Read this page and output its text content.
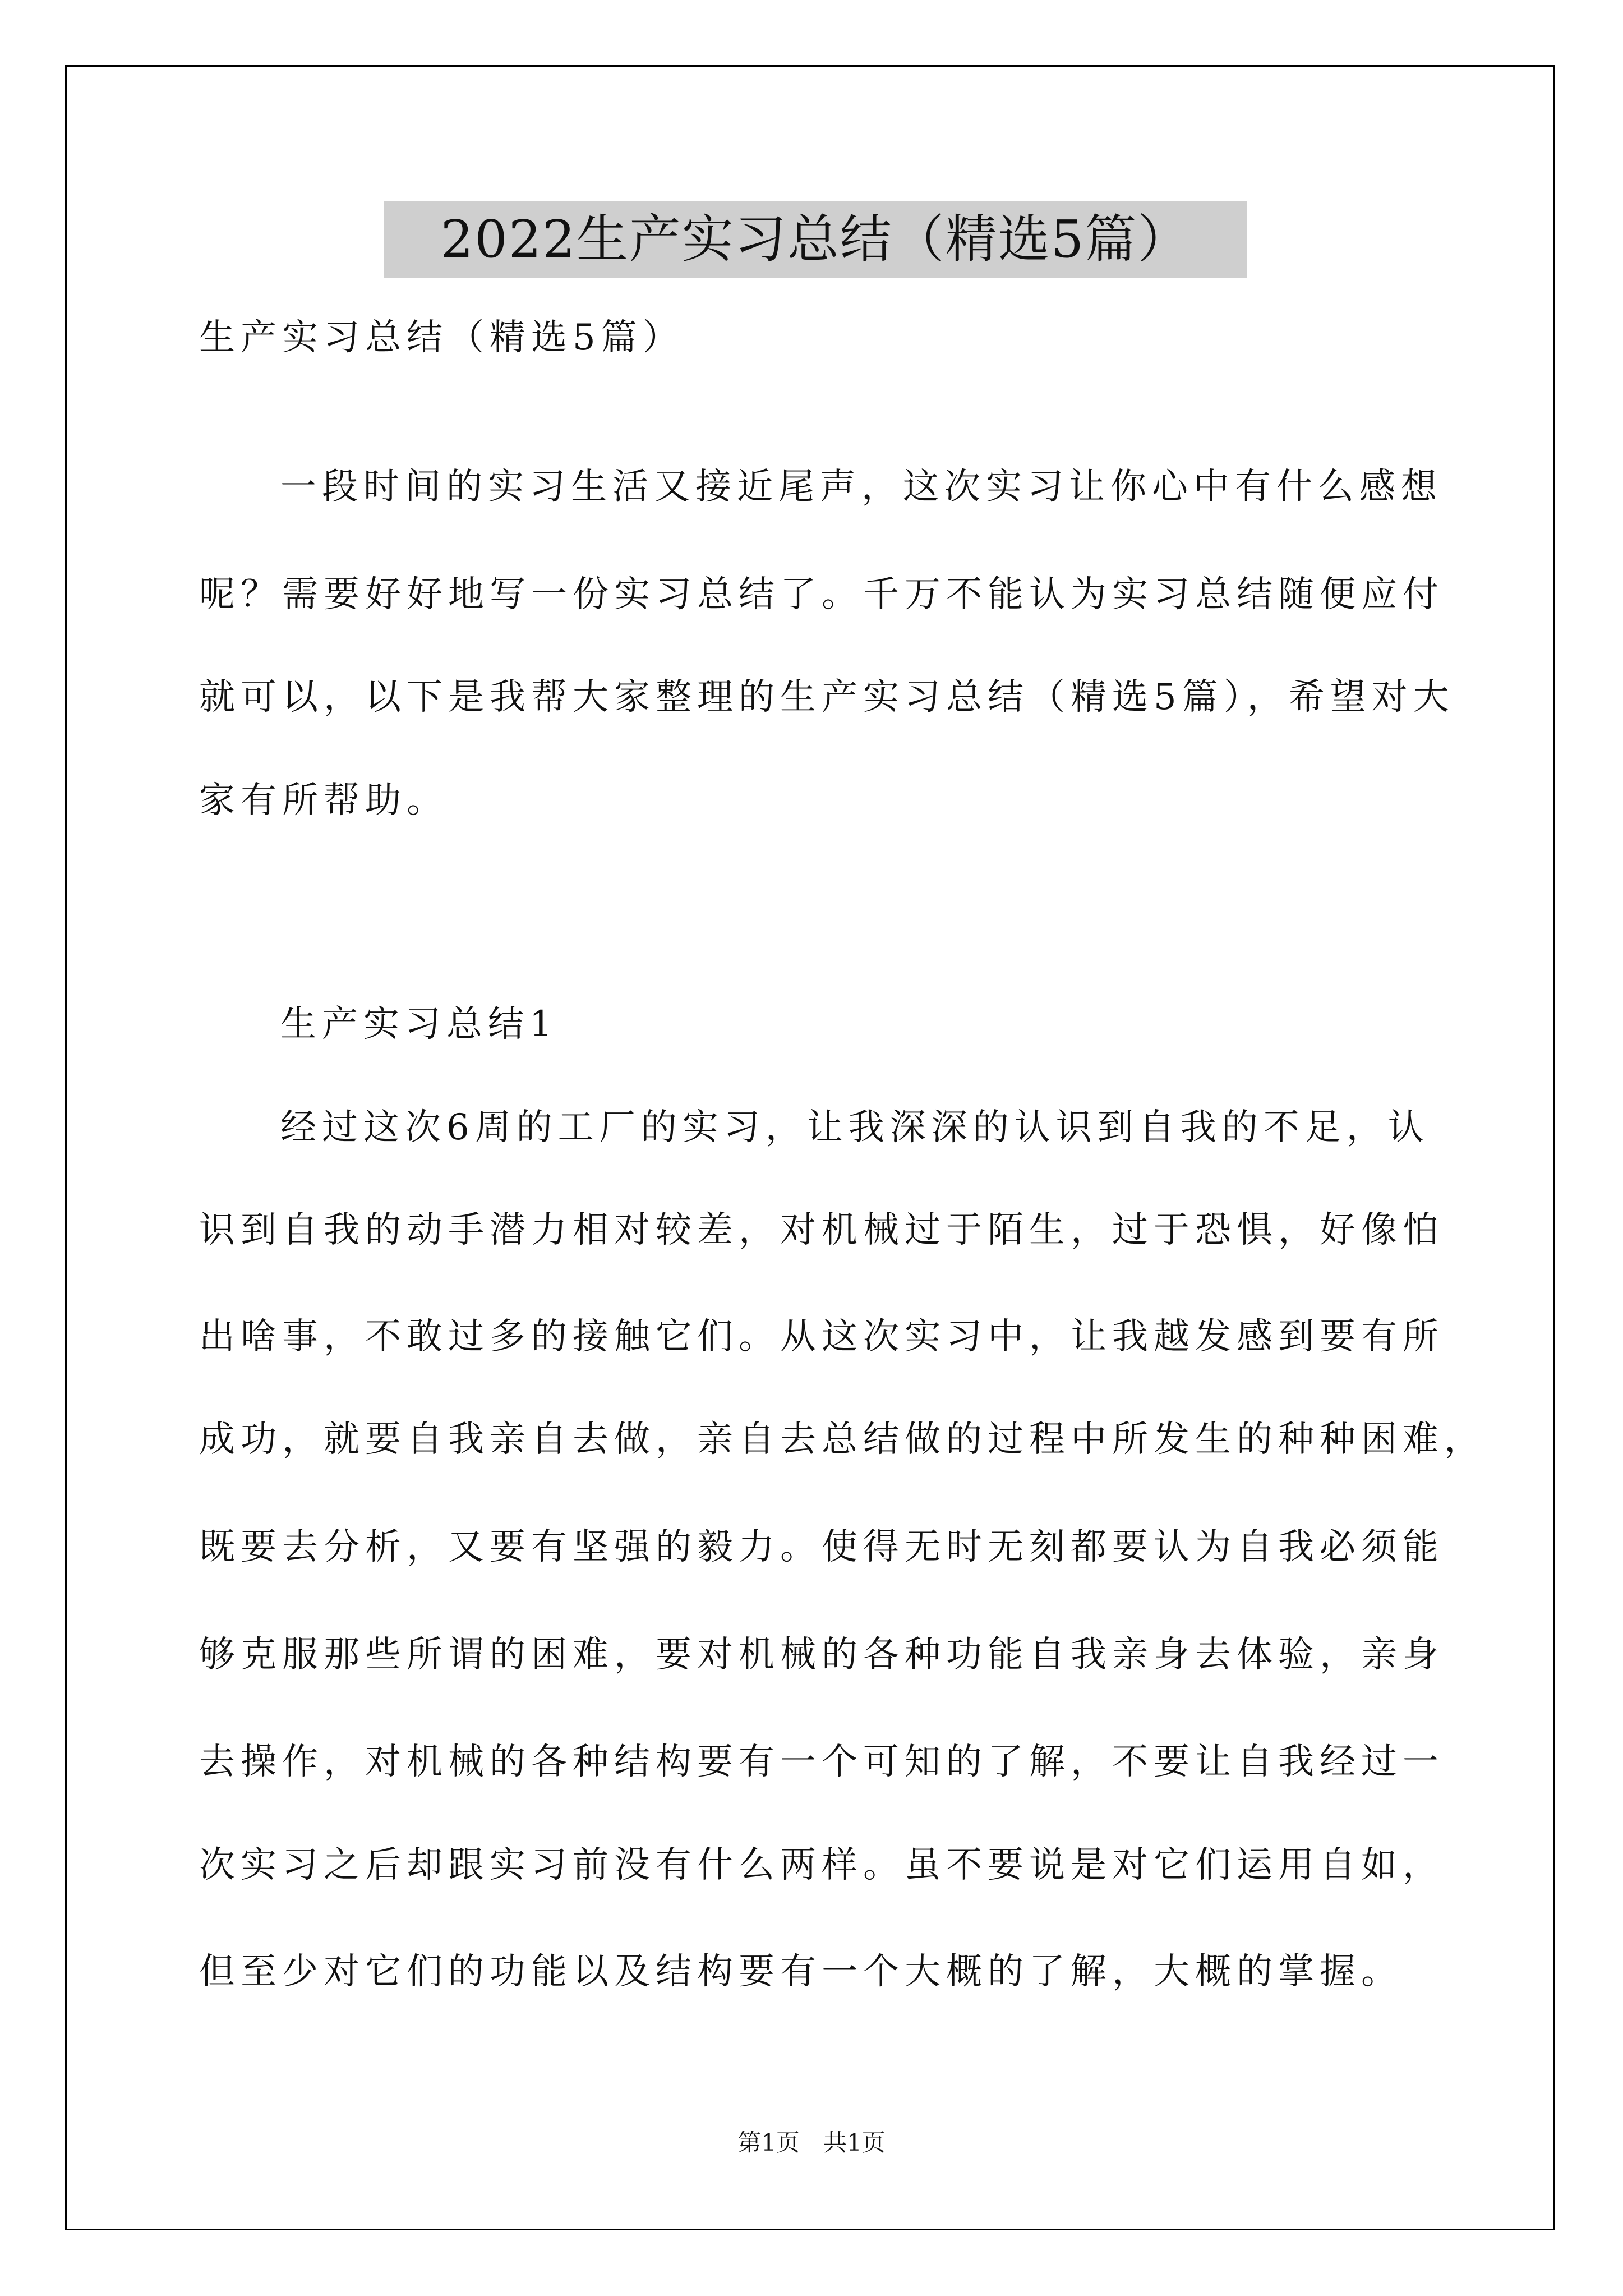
2022生产实习总结（精选5篇）
生产实习总结（精选5篇）
一段时间的实习生活又接近尾声，这次实习让你心中有什么感想
呢？需要好好地写一份实习总结了。千万不能认为实习总结随便应付
就可以，以下是我帮大家整理的生产实习总结（精选5篇），希望对大
家有所帮助。
生产实习总结1
经过这次6周的工厂的实习，让我深深的认识到自我的不足，认
识到自我的动手潜力相对较差，对机械过于陌生，过于恐惧，好像怕
出啥事，不敢过多的接触它们。从这次实习中，让我越发感到要有所
成功，就要自我亲自去做，亲自去总结做的过程中所发生的种种困难，
既要去分析，又要有坚强的毅力。使得无时无刻都要认为自我必须能
够克服那些所谓的困难，要对机械的各种功能自我亲身去体验，亲身
去操作，对机械的各种结构要有一个可知的了解，不要让自我经过一
次实习之后却跟实习前没有什么两样。虽不要说是对它们运用自如，
但至少对它们的功能以及结构要有一个大概的了解，大概的掌握。
第1页　共1页
